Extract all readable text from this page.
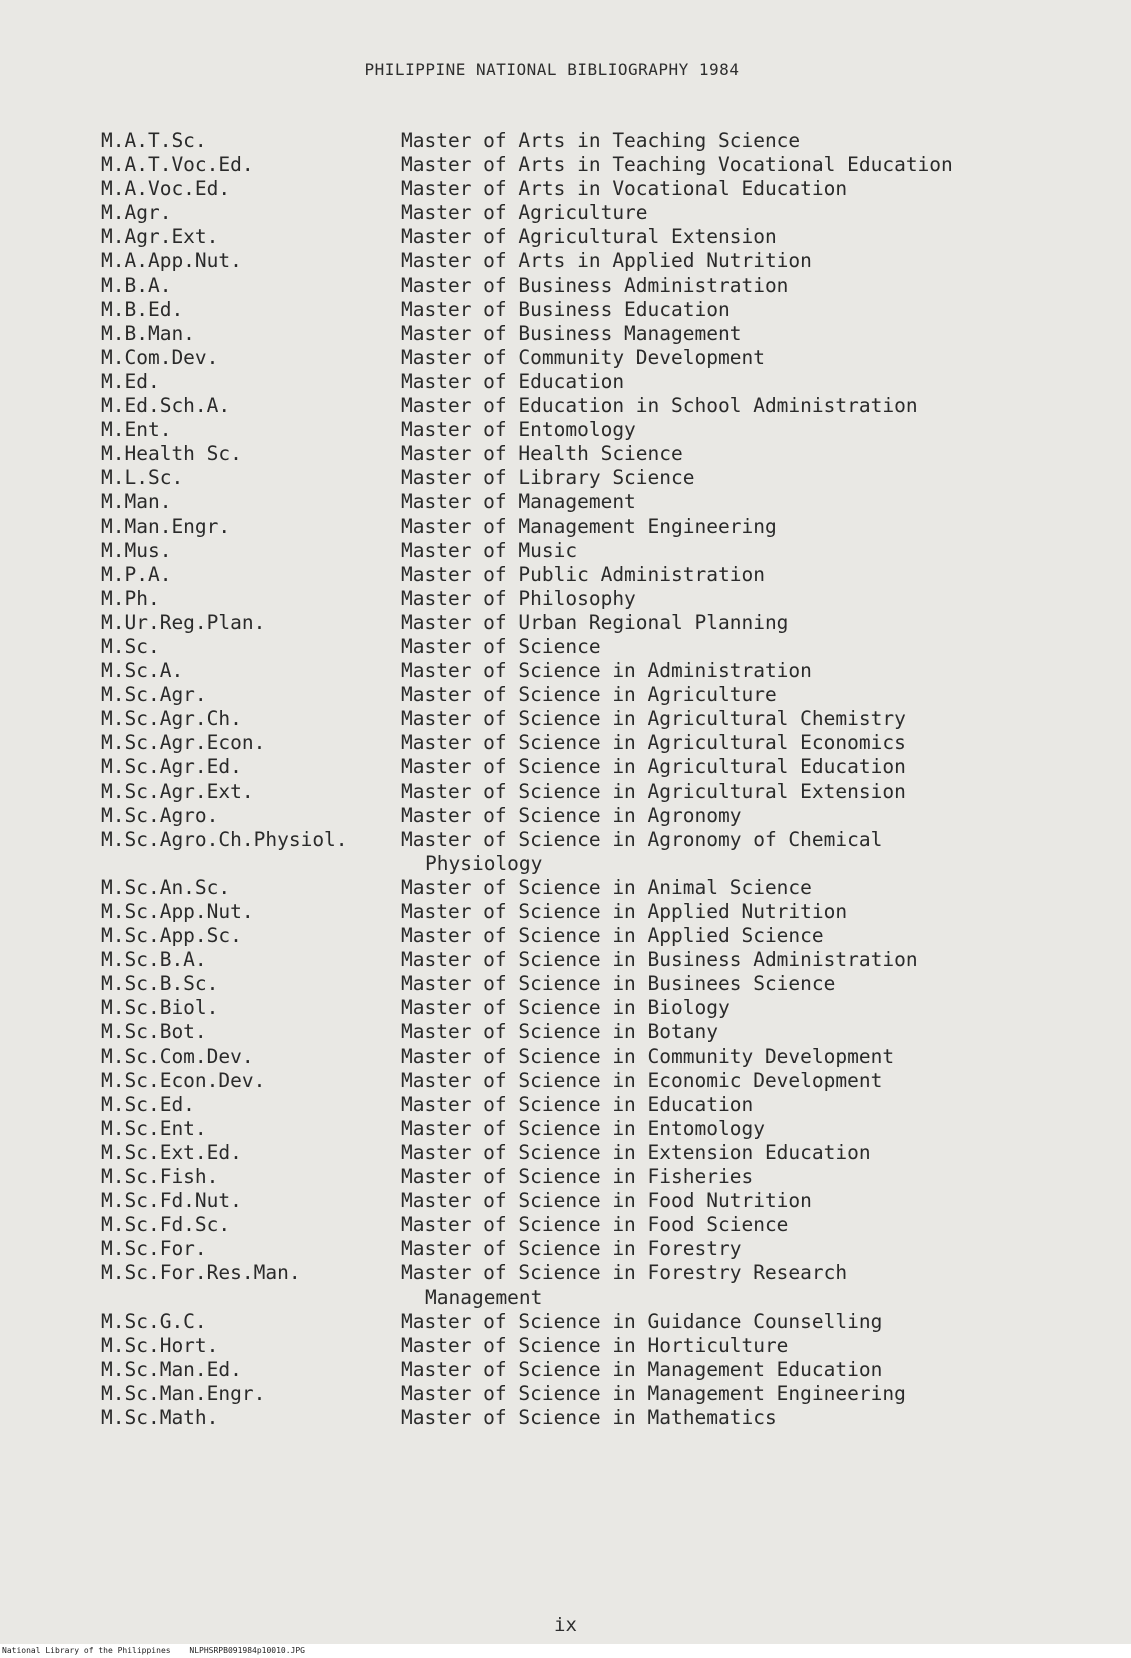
PHILIPPINE NATIONAL BIBLIOGRAPHY 1984
M.A.T.Sc.	Master of Arts in Teaching Science
M.A.T.Voc.Ed.	Master of Arts in Teaching Vocational Education
M.A.Voc.Ed.	Master of Arts in Vocational Education
M.Agr.	Master of Agriculture
M.Agr.Ext.	Master of Agricultural Extension
M.A.App.Nut.	Master of Arts in Applied Nutrition
M.B.A.	Master of Business Administration
M.B.Ed.	Master of Business Education
M.B.Man.	Master of Business Management
M.Com.Dev.	Master of Community Development
M.Ed.	Master of Education
M.Ed.Sch.A.	Master of Education in School Administration
M.Ent.	Master of Entomology
M.Health Sc.	Master of Health Science
M.L.Sc.	Master of Library Science
M.Man.	Master of Management
M.Man.Engr.	Master of Management Engineering
M.Mus.	Master of Music
M.P.A.	Master of Public Administration
M.Ph.	Master of Philosophy
M.Ur.Reg.Plan.	Master of Urban Regional Planning
M.Sc.	Master of Science
M.Sc.A.	Master of Science in Administration
M.Sc.Agr.	Master of Science in Agriculture
M.Sc.Agr.Ch.	Master of Science in Agricultural Chemistry
M.Sc.Agr.Econ.	Master of Science in Agricultural Economics
M.Sc.Agr.Ed.	Master of Science in Agricultural Education
M.Sc.Agr.Ext.	Master of Science in Agricultural Extension
M.Sc.Agro.	Master of Science in Agronomy
M.Sc.Agro.Ch.Physiol.	Master of Science in Agronomy of Chemical
Physiology
M.Sc.An.Sc.	Master of Science in Animal Science
M.Sc.App.Nut.	Master of Science in Applied Nutrition
M.Sc.App.Sc.	Master of Science in Applied Science
M.Sc.B.A.	Master of Science in Business Administration
M.Sc.B.Sc.	Master of Science in Businees Science
M.Sc.Biol.	Master of Science in Biology
M.Sc.Bot.	Master of Science in Botany
M.Sc.Com.Dev.	Master of Science in Community Development
M.Sc.Econ.Dev.	Master of Science in Economic Development
M.Sc.Ed.	Master of Science in Education
M.Sc.Ent.	Master of Science in Entomology
M.Sc.Ext.Ed.	Master of Science in Extension Education
M.Sc.Fish.	Master of Science in Fisheries
M.Sc.Fd.Nut.	Master of Science in Food Nutrition
M.Sc.Fd.Sc.	Master of Science in Food Science
M.Sc.For.	Master of Science in Forestry
M.Sc.For.Res.Man.	Master of Science in Forestry Research
Management
M.Sc.G.C.	Master of Science in Guidance Counselling
M.Sc.Hort.	Master of Science in Horticulture
M.Sc.Man.Ed.	Master of Science in Management Education
M.Sc.Man.Engr.	Master of Science in Management Engineering
M.Sc.Math.	Master of Science in Mathematics
ix
National Library of the Philippines NLPHSRPB091984p10010.JPG
